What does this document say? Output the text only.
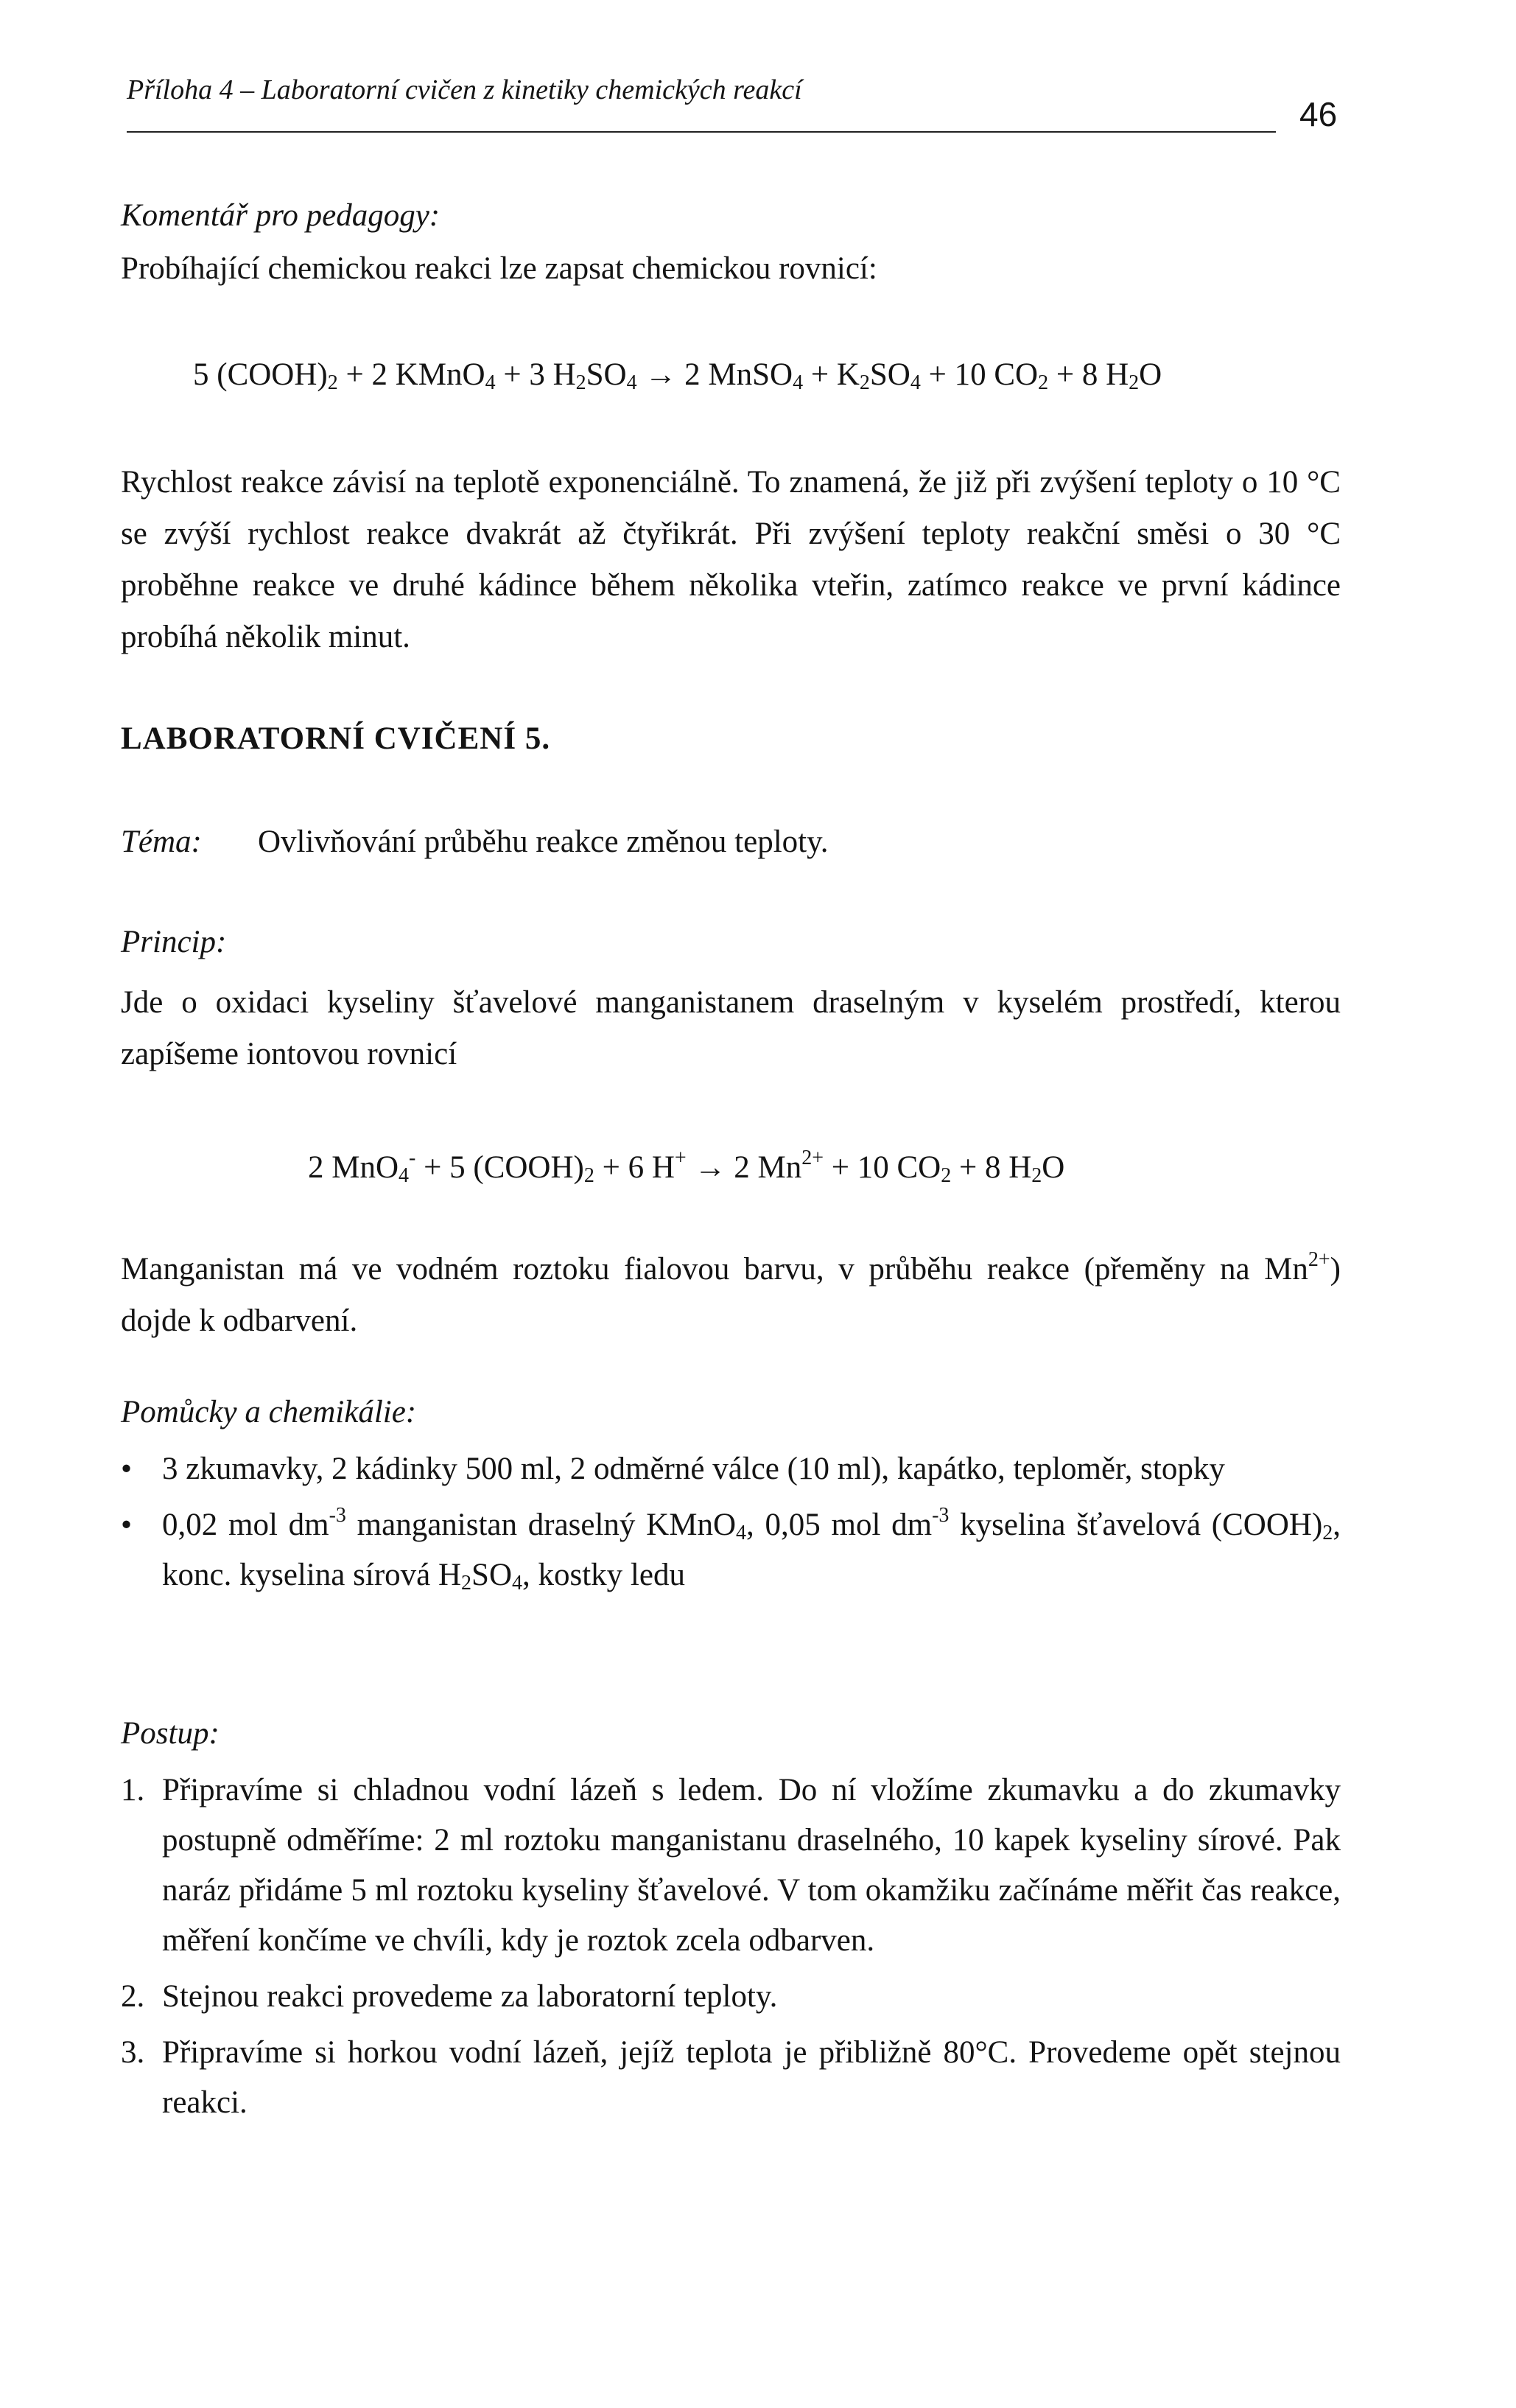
Příloha 4 – Laboratorní cvičen z kinetiky chemických reakcí
46
Komentář pro pedagogy:
Probíhající chemickou reakci lze zapsat chemickou rovnicí:
5 $(COOH)_2 + 2$ KMnO$_4$ + 3 $H_2SO_4 \to 2$ MnSO$_4$ + $K_2SO_4 + 10$ $CO_2 + 8$ $H_2O$
Rychlost reakce závisí na teplotě exponenciálně. To znamená, že již při zvýšení teploty o 10 °C se zvýší rychlost reakce dvakrát až čtyřikrát. Při zvýšení teploty reakční směsi o 30 °C proběhne reakce ve druhé kádince během několika vteřin, zatímco reakce ve první kádince probíhá několik minut.
LABORATORNÍ CVIČENÍ 5.
Téma: Ovlivňování průběhu reakce změnou teploty.
Princip:
Jde o oxidaci kyseliny šťavelové manganistanem draselným v kyselém prostředí, kterou zapíšeme iontovou rovnicí
2 MnO$_4$- + 5 $(COOH)_2 + 6$ H+ → 2 $Mn^{2+} + 10$ $CO_2 + 8$ $H_2O$
Manganistan má ve vodném roztoku fialovou barvu, v průběhu reakce (přeměny na $Mn^{2+}$) dojde k odbarvení.
Pomůcky a chemikálie:
• 3 zkumavky, 2 kádinky 500 ml, 2 odměrné válce (10 ml), kapátko, teploměr, stopky
• 0,02 mol $dm^{-3}$ manganistan draselný KMnO$_4$, 0,05 mol $dm^{-3}$ kyselina šťavelová $(COOH)_2$, konc. kyselina sírová $H_2SO_4$, kostky ledu
Postup:
1. Připravíme si chladnou vodní lázeň s ledem. Do ní vložíme zkumavku a do zkumavky postupně odměříme: 2 ml roztoku manganistanu draselného, 10 kapek kyseliny sírové. Pak naráz přidáme 5 ml roztoku kyseliny šťavelové. V tom okamžiku začínáme měřit čas reakce, měření končíme ve chvíli, kdy je roztok zcela odbarven.
2. Stejnou reakci provedeme za laboratorní teploty.
3. Připravíme si horkou vodní lázeň, jejíž teplota je přibližně 80°C. Provedeme opět stejnou reakci.
